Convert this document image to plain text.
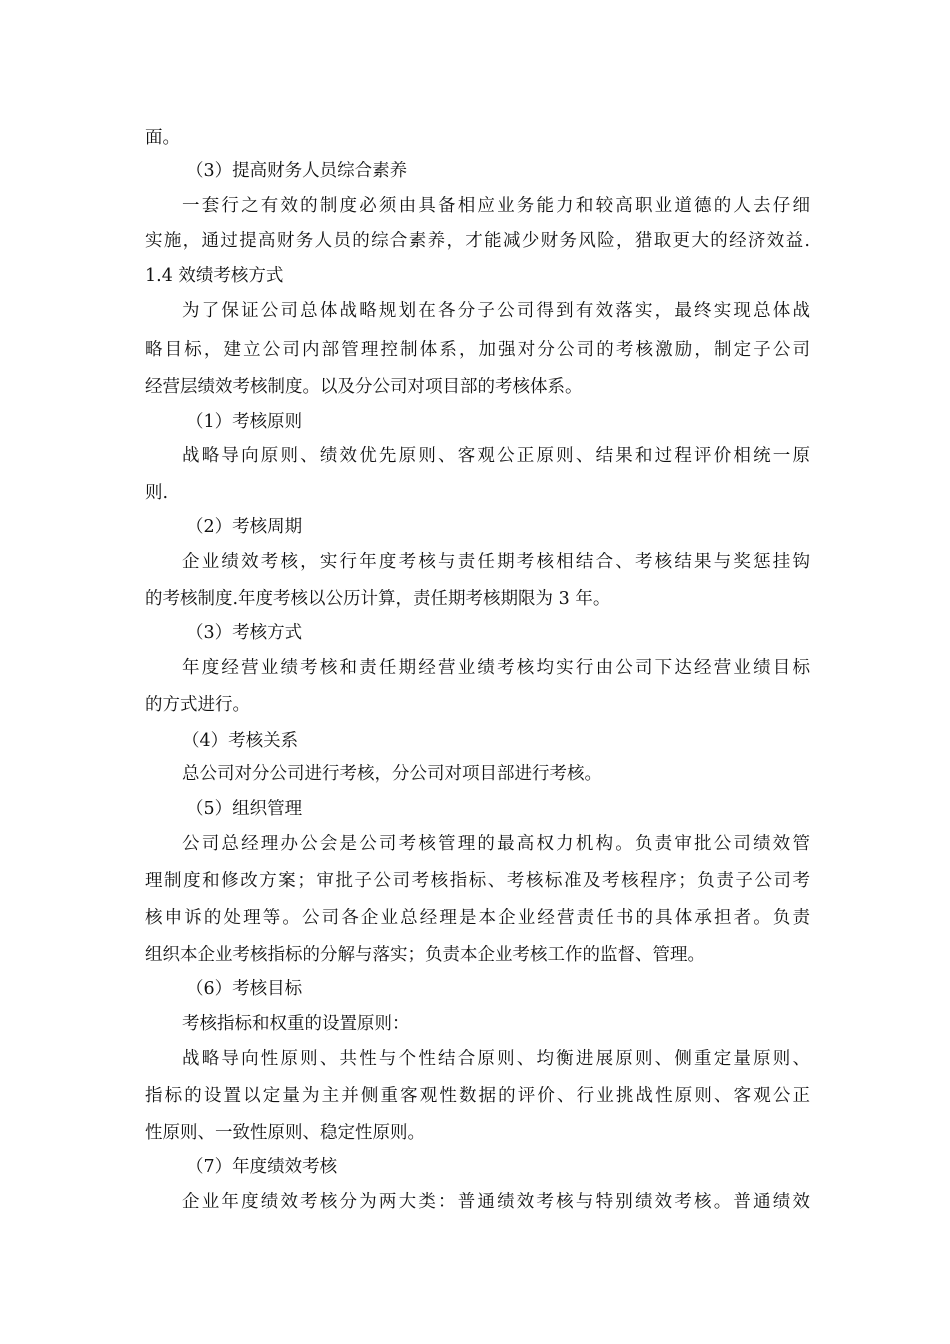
面。
（3）提高财务人员综合素养
一套行之有效的制度必须由具备相应业务能力和较高职业道德的人去仔细
实施，通过提高财务人员的综合素养，才能减少财务风险，猎取更大的经济效益.
1.4 效绩考核方式
为了保证公司总体战略规划在各分子公司得到有效落实，最终实现总体战
略目标，建立公司内部管理控制体系，加强对分公司的考核激励，制定子公司
经营层绩效考核制度。以及分公司对项目部的考核体系。
（1）考核原则
战略导向原则、绩效优先原则、客观公正原则、结果和过程评价相统一原
则.
（2）考核周期
企业绩效考核，实行年度考核与责任期考核相结合、考核结果与奖惩挂钩
的考核制度.年度考核以公历计算，责任期考核期限为 3 年。
（3）考核方式
年度经营业绩考核和责任期经营业绩考核均实行由公司下达经营业绩目标
的方式进行。
（4）考核关系
总公司对分公司进行考核，分公司对项目部进行考核。
（5）组织管理
公司总经理办公会是公司考核管理的最高权力机构。负责审批公司绩效管
理制度和修改方案；审批子公司考核指标、考核标准及考核程序；负责子公司考
核申诉的处理等。公司各企业总经理是本企业经营责任书的具体承担者。负责
组织本企业考核指标的分解与落实；负责本企业考核工作的监督、管理。
（6）考核目标
考核指标和权重的设置原则：
战略导向性原则、共性与个性结合原则、均衡进展原则、侧重定量原则、
指标的设置以定量为主并侧重客观性数据的评价、行业挑战性原则、客观公正
性原则、一致性原则、稳定性原则。
（7）年度绩效考核
企业年度绩效考核分为两大类：普通绩效考核与特别绩效考核。普通绩效
